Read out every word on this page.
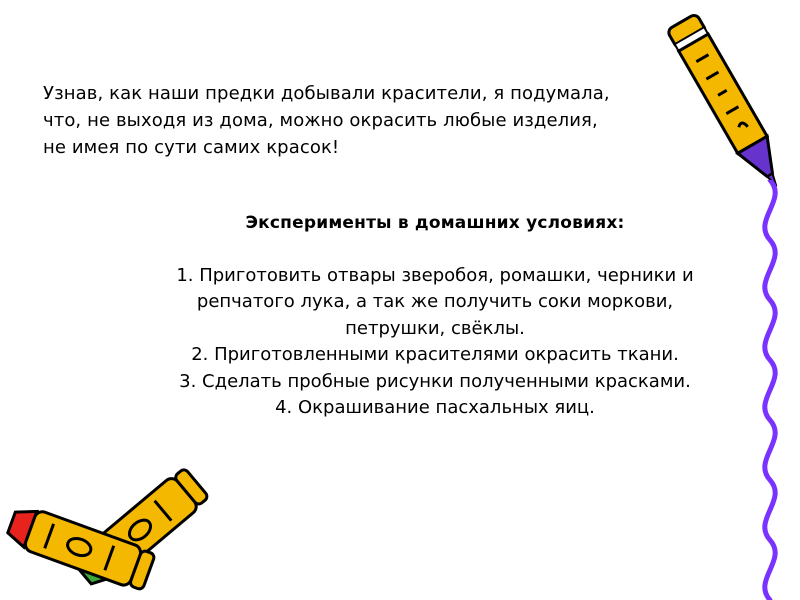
Узнав, как наши предки добывали красители, я подумала,
что, не выходя из дома, можно окрасить любые изделия,
не имея по сути самих красок!
Эксперименты в домашних условиях:
1. Приготовить отвары зверобоя, ромашки, черники и
репчатого лука, а так же получить соки моркови,
петрушки, свёклы.
2. Приготовленными красителями окрасить ткани.
3. Сделать пробные рисунки полученными красками.
4. Окрашивание пасхальных яиц.
